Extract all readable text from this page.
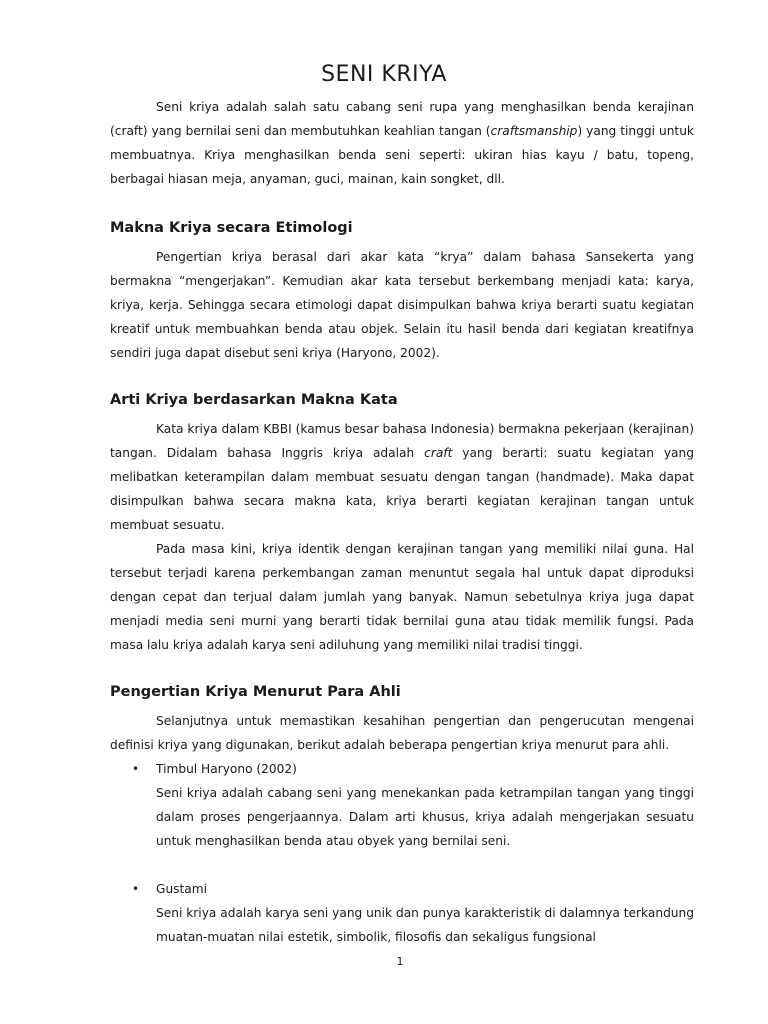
SENI KRIYA

Seni kriya adalah salah satu cabang seni rupa yang menghasilkan benda kerajinan (craft) yang bernilai seni dan membutuhkan keahlian tangan (craftsmanship) yang tinggi untuk membuatnya. Kriya menghasilkan benda seni seperti: ukiran hias kayu / batu, topeng, berbagai hiasan meja, anyaman, guci, mainan, kain songket, dll.

Makna Kriya secara Etimologi

Pengertian kriya berasal dari akar kata “krya” dalam bahasa Sansekerta yang bermakna “mengerjakan”. Kemudian akar kata tersebut berkembang menjadi kata: karya, kriya, kerja. Sehingga secara etimologi dapat disimpulkan bahwa kriya berarti suatu kegiatan kreatif untuk membuahkan benda atau objek. Selain itu hasil benda dari kegiatan kreatifnya sendiri juga dapat disebut seni kriya (Haryono, 2002).

Arti Kriya berdasarkan Makna Kata

Kata kriya dalam KBBI (kamus besar bahasa Indonesia) bermakna pekerjaan (kerajinan) tangan. Didalam bahasa Inggris kriya adalah craft yang berarti: suatu kegiatan yang melibatkan keterampilan dalam membuat sesuatu dengan tangan (handmade). Maka dapat disimpulkan bahwa secara makna kata, kriya berarti kegiatan kerajinan tangan untuk membuat sesuatu.

Pada masa kini, kriya identik dengan kerajinan tangan yang memiliki nilai guna. Hal tersebut terjadi karena perkembangan zaman menuntut segala hal untuk dapat diproduksi dengan cepat dan terjual dalam jumlah yang banyak. Namun sebetulnya kriya juga dapat menjadi media seni murni yang berarti tidak bernilai guna atau tidak memilik fungsi. Pada masa lalu kriya adalah karya seni adiluhung yang memiliki nilai tradisi tinggi.

Pengertian Kriya Menurut Para Ahli

Selanjutnya untuk memastikan kesahihan pengertian dan pengerucutan mengenai definisi kriya yang digunakan, berikut adalah beberapa pengertian kriya menurut para ahli.

•	Timbul Haryono (2002)
Seni kriya adalah cabang seni yang menekankan pada ketrampilan tangan yang tinggi dalam proses pengerjaannya. Dalam arti khusus, kriya adalah mengerjakan sesuatu untuk menghasilkan benda atau obyek yang bernilai seni.
•	Gustami
Seni kriya adalah karya seni yang unik dan punya karakteristik di dalamnya terkandung muatan-muatan nilai estetik, simbolik, filosofis dan sekaligus fungsional
1
